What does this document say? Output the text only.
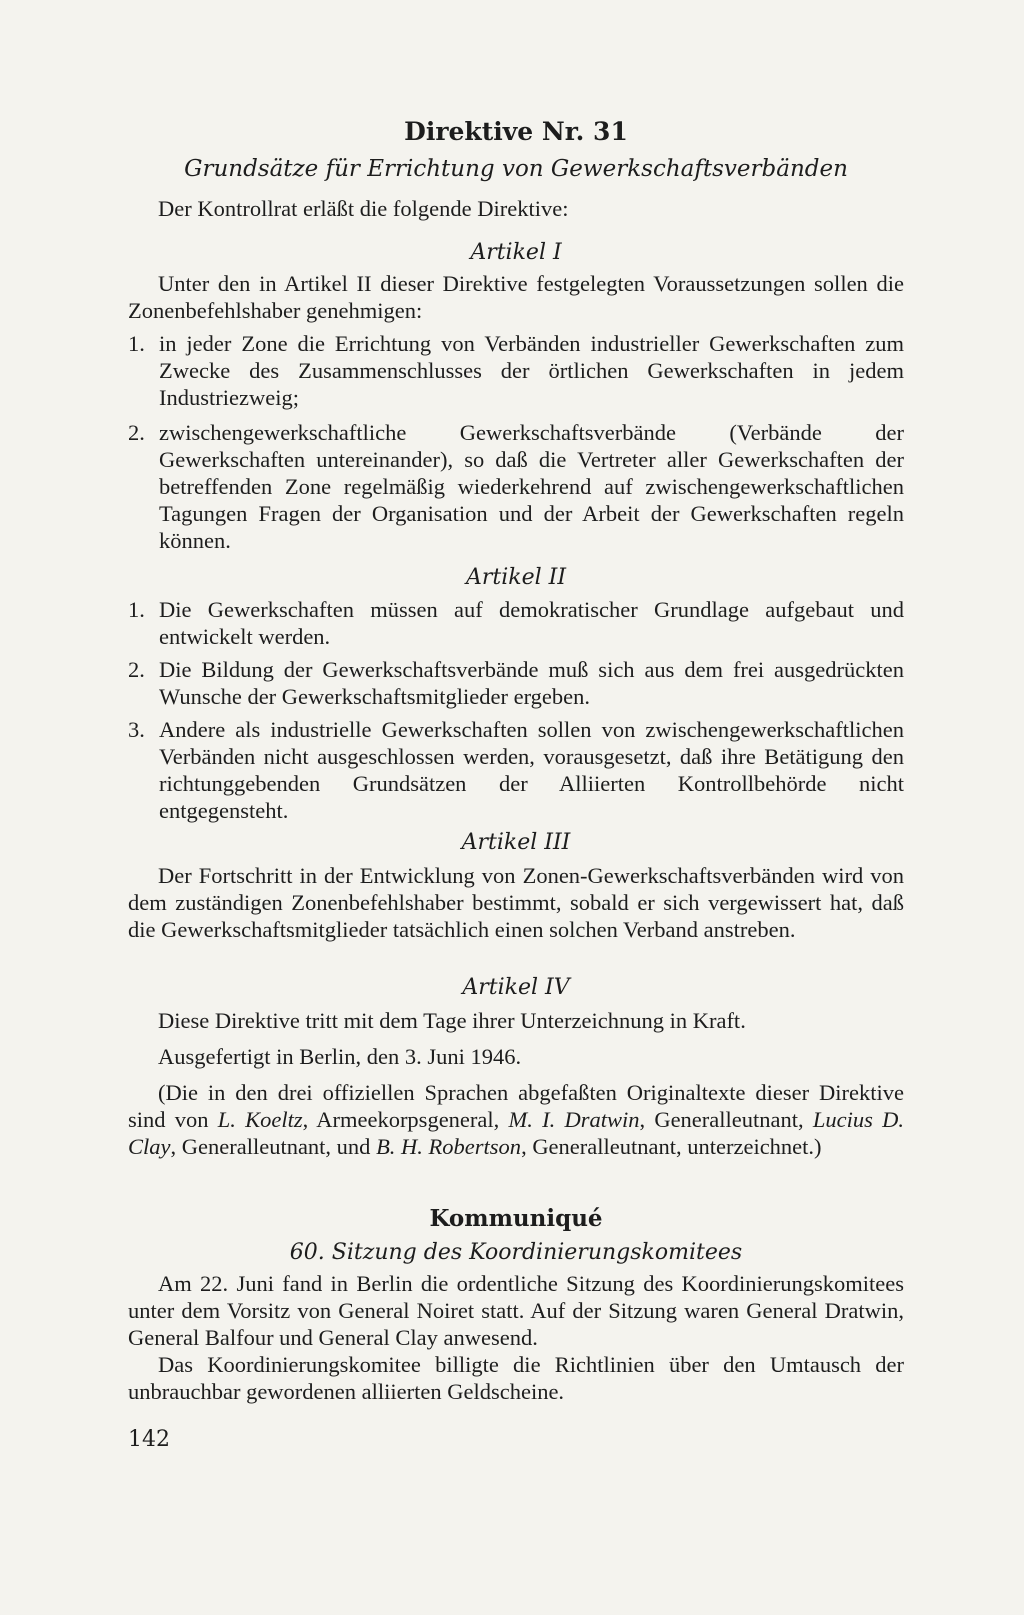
Direktive Nr. 31
Grundsätze für Errichtung von Gewerkschaftsverbänden

Der Kontrollrat erläßt die folgende Direktive:

Artikel I

Unter den in Artikel II dieser Direktive festgelegten Voraussetzungen sollen die Zonenbefehlshaber genehmigen:

1. in jeder Zone die Errichtung von Verbänden industrieller Gewerkschaften zum Zwecke des Zusammenschlusses der örtlichen Gewerkschaften in jedem Industriezweig;
2. zwischengewerkschaftliche Gewerkschaftsverbände (Verbände der Gewerkschaften untereinander), so daß die Vertreter aller Gewerkschaften der betreffenden Zone regelmäßig wiederkehrend auf zwischengewerkschaftlichen Tagungen Fragen der Organisation und der Arbeit der Gewerkschaften regeln können.
Artikel II
1. Die Gewerkschaften müssen auf demokratischer Grundlage aufgebaut und entwickelt werden.
2. Die Bildung der Gewerkschaftsverbände muß sich aus dem frei ausgedrückten Wunsche der Gewerkschaftsmitglieder ergeben.
3. Andere als industrielle Gewerkschaften sollen von zwischengewerkschaftlichen Verbänden nicht ausgeschlossen werden, vorausgesetzt, daß ihre Betätigung den richtunggebenden Grundsätzen der Alliierten Kontrollbehörde nicht entgegensteht.
Artikel III

Der Fortschritt in der Entwicklung von Zonen-Gewerkschaftsverbänden wird von dem zuständigen Zonenbefehlshaber bestimmt, sobald er sich vergewissert hat, daß die Gewerkschaftsmitglieder tatsächlich einen solchen Verband anstreben.

Artikel IV

Diese Direktive tritt mit dem Tage ihrer Unterzeichnung in Kraft.

Ausgefertigt in Berlin, den 3. Juni 1946.

(Die in den drei offiziellen Sprachen abgefaßten Originaltexte dieser Direktive sind von L. Koeltz, Armeekorpsgeneral, M. I. Dratwin, Generalleutnant, Lucius D. Clay, Generalleutnant, und B. H. Robertson, Generalleutnant, unterzeichnet.)

Kommuniqué
60. Sitzung des Koordinierungskomitees

Am 22. Juni fand in Berlin die ordentliche Sitzung des Koordinierungskomitees unter dem Vorsitz von General Noiret statt. Auf der Sitzung waren General Dratwin, General Balfour und General Clay anwesend.

Das Koordinierungskomitee billigte die Richtlinien über den Umtausch der unbrauchbar gewordenen alliierten Geldscheine.

142
